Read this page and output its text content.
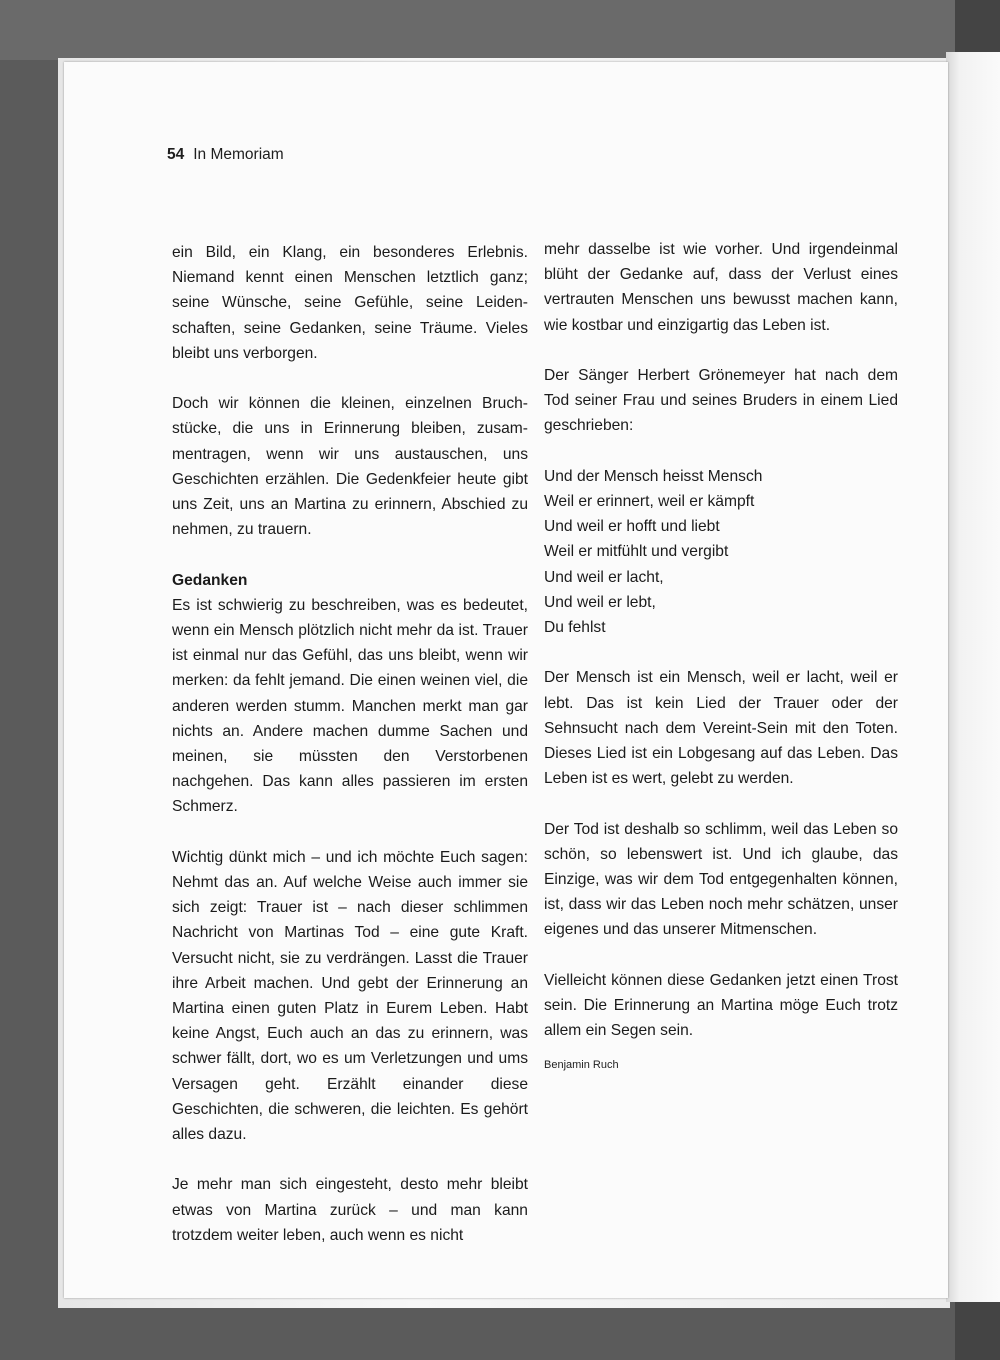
54 In Memoriam

ein Bild, ein Klang, ein besonderes Erlebnis. Niemand kennt einen Menschen letztlich ganz; seine Wünsche, seine Gefühle, seine Leidenschaften, seine Gedanken, seine Träume. Vieles bleibt uns verborgen.

Doch wir können die kleinen, einzelnen Bruchstücke, die uns in Erinnerung bleiben, zusammentragen, wenn wir uns austauschen, uns Geschichten erzählen. Die Gedenkfeier heute gibt uns Zeit, uns an Martina zu erinnern, Abschied zu nehmen, zu trauern.

Gedanken

Es ist schwierig zu beschreiben, was es bedeutet, wenn ein Mensch plötzlich nicht mehr da ist. Trauer ist einmal nur das Gefühl, das uns bleibt, wenn wir merken: da fehlt jemand. Die einen weinen viel, die anderen werden stumm. Manchen merkt man gar nichts an. Andere machen dumme Sachen und meinen, sie müssten den Verstorbenen nachgehen. Das kann alles passieren im ersten Schmerz.

Wichtig dünkt mich – und ich möchte Euch sagen: Nehmt das an. Auf welche Weise auch immer sie sich zeigt: Trauer ist – nach dieser schlimmen Nachricht von Martinas Tod – eine gute Kraft. Versucht nicht, sie zu verdrängen. Lasst die Trauer ihre Arbeit machen. Und gebt der Erinnerung an Martina einen guten Platz in Eurem Leben. Habt keine Angst, Euch auch an das zu erinnern, was schwer fällt, dort, wo es um Verletzungen und ums Versagen geht. Erzählt einander diese Geschichten, die schweren, die leichten. Es gehört alles dazu.

Je mehr man sich eingesteht, desto mehr bleibt etwas von Martina zurück – und man kann trotzdem weiter leben, auch wenn es nicht

mehr dasselbe ist wie vorher. Und irgendeinmal blüht der Gedanke auf, dass der Verlust eines vertrauten Menschen uns bewusst machen kann, wie kostbar und einzigartig das Leben ist.

Der Sänger Herbert Grönemeyer hat nach dem Tod seiner Frau und seines Bruders in einem Lied geschrieben:

Und der Mensch heisst Mensch
Weil er erinnert, weil er kämpft
Und weil er hofft und liebt
Weil er mitfühlt und vergibt
Und weil er lacht,
Und weil er lebt,
Du fehlst

Der Mensch ist ein Mensch, weil er lacht, weil er lebt. Das ist kein Lied der Trauer oder der Sehnsucht nach dem Vereint-Sein mit den Toten. Dieses Lied ist ein Lobgesang auf das Leben. Das Leben ist es wert, gelebt zu werden.

Der Tod ist deshalb so schlimm, weil das Leben so schön, so lebenswert ist. Und ich glaube, das Einzige, was wir dem Tod entgegenhalten können, ist, dass wir das Leben noch mehr schätzen, unser eigenes und das unserer Mitmenschen.

Vielleicht können diese Gedanken jetzt einen Trost sein. Die Erinnerung an Martina möge Euch trotz allem ein Segen sein.

Benjamin Ruch
